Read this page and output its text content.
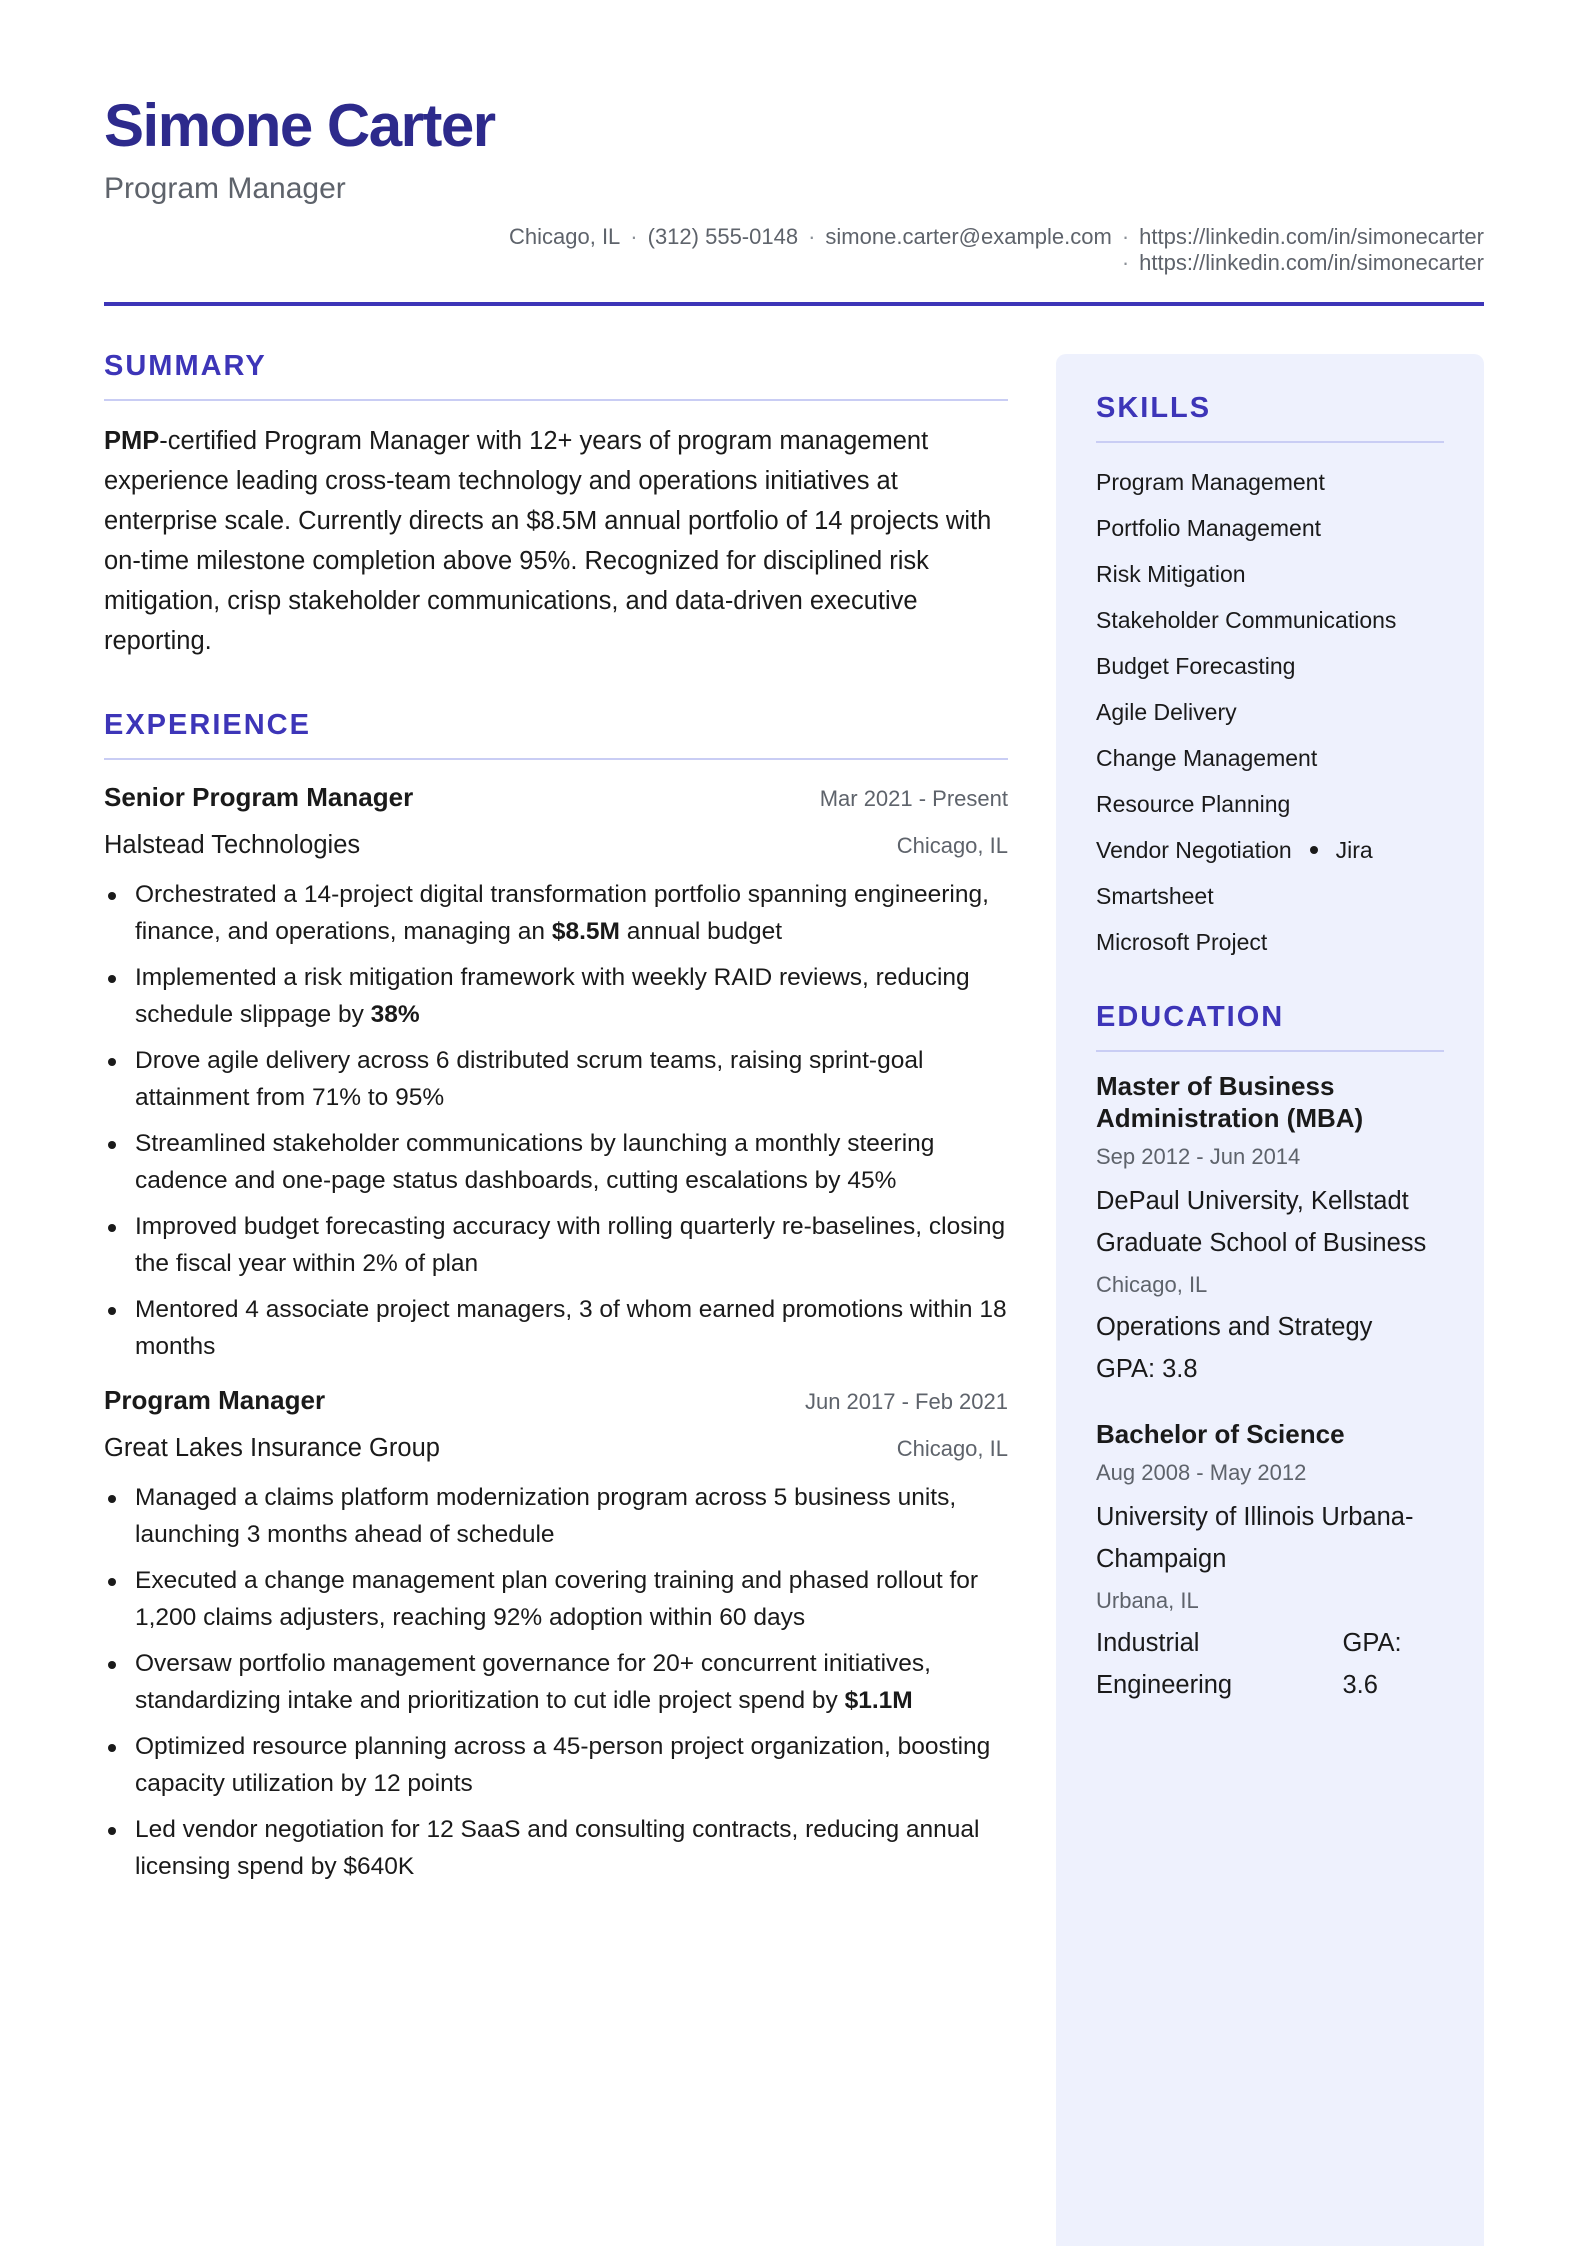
Simone Carter
Program Manager
Chicago, IL · (312) 555-0148 · simone.carter@example.com · https://linkedin.com/in/simonecarter
· https://linkedin.com/in/simonecarter
SUMMARY

PMP-certified Program Manager with 12+ years of program management experience leading cross-team technology and operations initiatives at enterprise scale. Currently directs an $8.5M annual portfolio of 14 projects with on-time milestone completion above 95%. Recognized for disciplined risk mitigation, crisp stakeholder communications, and data-driven executive reporting.

EXPERIENCE
Senior Program Manager	Mar 2021 - Present
Halstead Technologies	Chicago, IL
Orchestrated a 14-project digital transformation portfolio spanning engineering, finance, and operations, managing an $8.5M annual budget
Implemented a risk mitigation framework with weekly RAID reviews, reducing schedule slippage by 38%
Drove agile delivery across 6 distributed scrum teams, raising sprint-goal attainment from 71% to 95%
Streamlined stakeholder communications by launching a monthly steering cadence and one-page status dashboards, cutting escalations by 45%
Improved budget forecasting accuracy with rolling quarterly re-baselines, closing the fiscal year within 2% of plan
Mentored 4 associate project managers, 3 of whom earned promotions within 18 months
Program Manager	Jun 2017 - Feb 2021
Great Lakes Insurance Group	Chicago, IL
Managed a claims platform modernization program across 5 business units, launching 3 months ahead of schedule
Executed a change management plan covering training and phased rollout for 1,200 claims adjusters, reaching 92% adoption within 60 days
Oversaw portfolio management governance for 20+ concurrent initiatives, standardizing intake and prioritization to cut idle project spend by $1.1M
Optimized resource planning across a 45-person project organization, boosting capacity utilization by 12 points
Led vendor negotiation for 12 SaaS and consulting contracts, reducing annual licensing spend by $640K
SKILLS
Program Management
Portfolio Management
Risk Mitigation
Stakeholder Communications
Budget Forecasting
Agile Delivery
Change Management
Resource Planning
Vendor Negotiation Jira
Smartsheet
Microsoft Project
EDUCATION
Master of Business Administration (MBA)
Sep 2012 - Jun 2014
DePaul University, Kellstadt Graduate School of Business
Chicago, IL
Operations and Strategy
GPA: 3.8
Bachelor of Science
Aug 2008 - May 2012
University of Illinois Urbana-Champaign
Urbana, IL
Industrial Engineering
GPA: 3.6
